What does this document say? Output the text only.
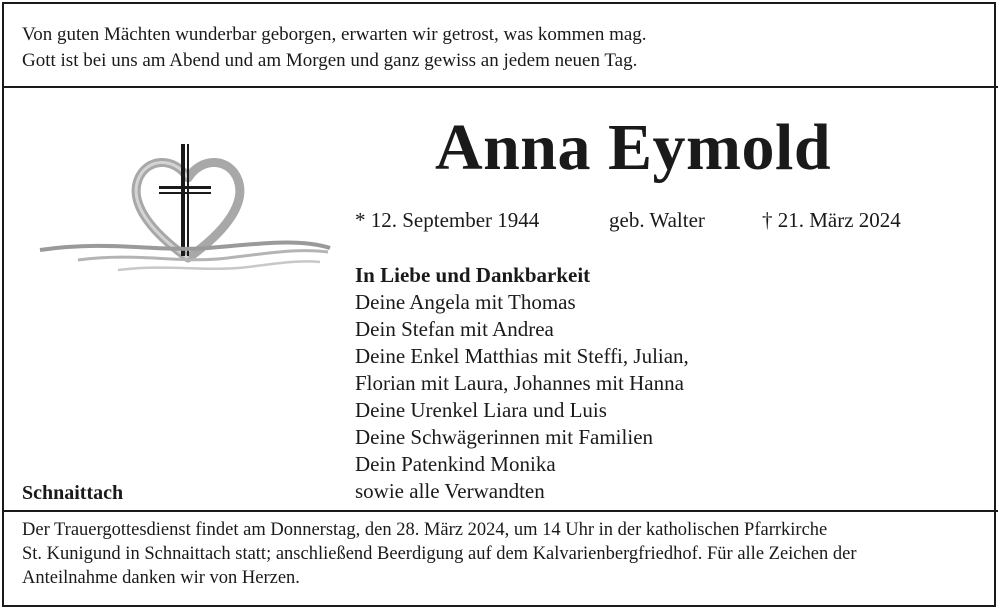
Von guten Mächten wunderbar geborgen, erwarten wir getrost, was kommen mag.
Gott ist bei uns am Abend und am Morgen und ganz gewiss an jedem neuen Tag.
Anna Eymold
* 12. September 1944	geb. Walter	† 21. März 2024
In Liebe und Dankbarkeit
Deine Angela mit Thomas
Dein Stefan mit Andrea
Deine Enkel Matthias mit Steffi, Julian,
Florian mit Laura, Johannes mit Hanna
Deine Urenkel Liara und Luis
Deine Schwägerinnen mit Familien
Dein Patenkind Monika
sowie alle Verwandten
Schnaittach
Der Trauergottesdienst findet am Donnerstag, den 28. März 2024, um 14 Uhr in der katholischen Pfarrkirche
St. Kunigund in Schnaittach statt; anschließend Beerdigung auf dem Kalvarienbergfriedhof. Für alle Zeichen der
Anteilnahme danken wir von Herzen.
